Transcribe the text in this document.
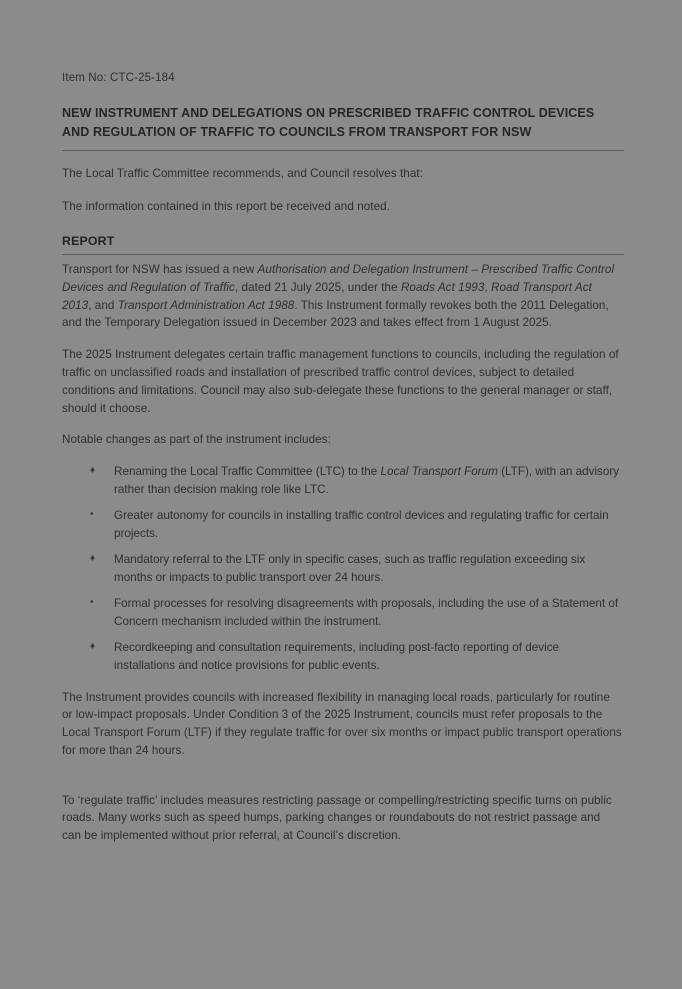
Item No: CTC-25-184
NEW INSTRUMENT AND DELEGATIONS ON PRESCRIBED TRAFFIC CONTROL DEVICES AND REGULATION OF TRAFFIC TO COUNCILS FROM TRANSPORT FOR NSW

The Local Traffic Committee recommends, and Council resolves that:

The information contained in this report be received and noted.

REPORT

Transport for NSW has issued a new Authorisation and Delegation Instrument – Prescribed Traffic Control Devices and Regulation of Traffic, dated 21 July 2025, under the Roads Act 1993, Road Transport Act 2013, and Transport Administration Act 1988. This Instrument formally revokes both the 2011 Delegation, and the Temporary Delegation issued in December 2023 and takes effect from 1 August 2025.

The 2025 Instrument delegates certain traffic management functions to councils, including the regulation of traffic on unclassified roads and installation of prescribed traffic control devices, subject to detailed conditions and limitations. Council may also sub-delegate these functions to the general manager or staff, should it choose.

Notable changes as part of the instrument includes:

♦ Renaming the Local Traffic Committee (LTC) to the Local Transport Forum (LTF), with an advisory rather than decision making role like LTC.
• Greater autonomy for councils in installing traffic control devices and regulating traffic for certain projects.
♦ Mandatory referral to the LTF only in specific cases, such as traffic regulation exceeding six months or impacts to public transport over 24 hours.
• Formal processes for resolving disagreements with proposals, including the use of a Statement of Concern mechanism included within the instrument.
♦ Recordkeeping and consultation requirements, including post-facto reporting of device installations and notice provisions for public events.

The Instrument provides councils with increased flexibility in managing local roads, particularly for routine or low-impact proposals. Under Condition 3 of the 2025 Instrument, councils must refer proposals to the Local Transport Forum (LTF) if they regulate traffic for over six months or impact public transport operations for more than 24 hours.

To ‘regulate traffic’ includes measures restricting passage or compelling/restricting specific turns on public roads. Many works such as speed humps, parking changes or roundabouts do not restrict passage and can be implemented without prior referral, at Council’s discretion.
